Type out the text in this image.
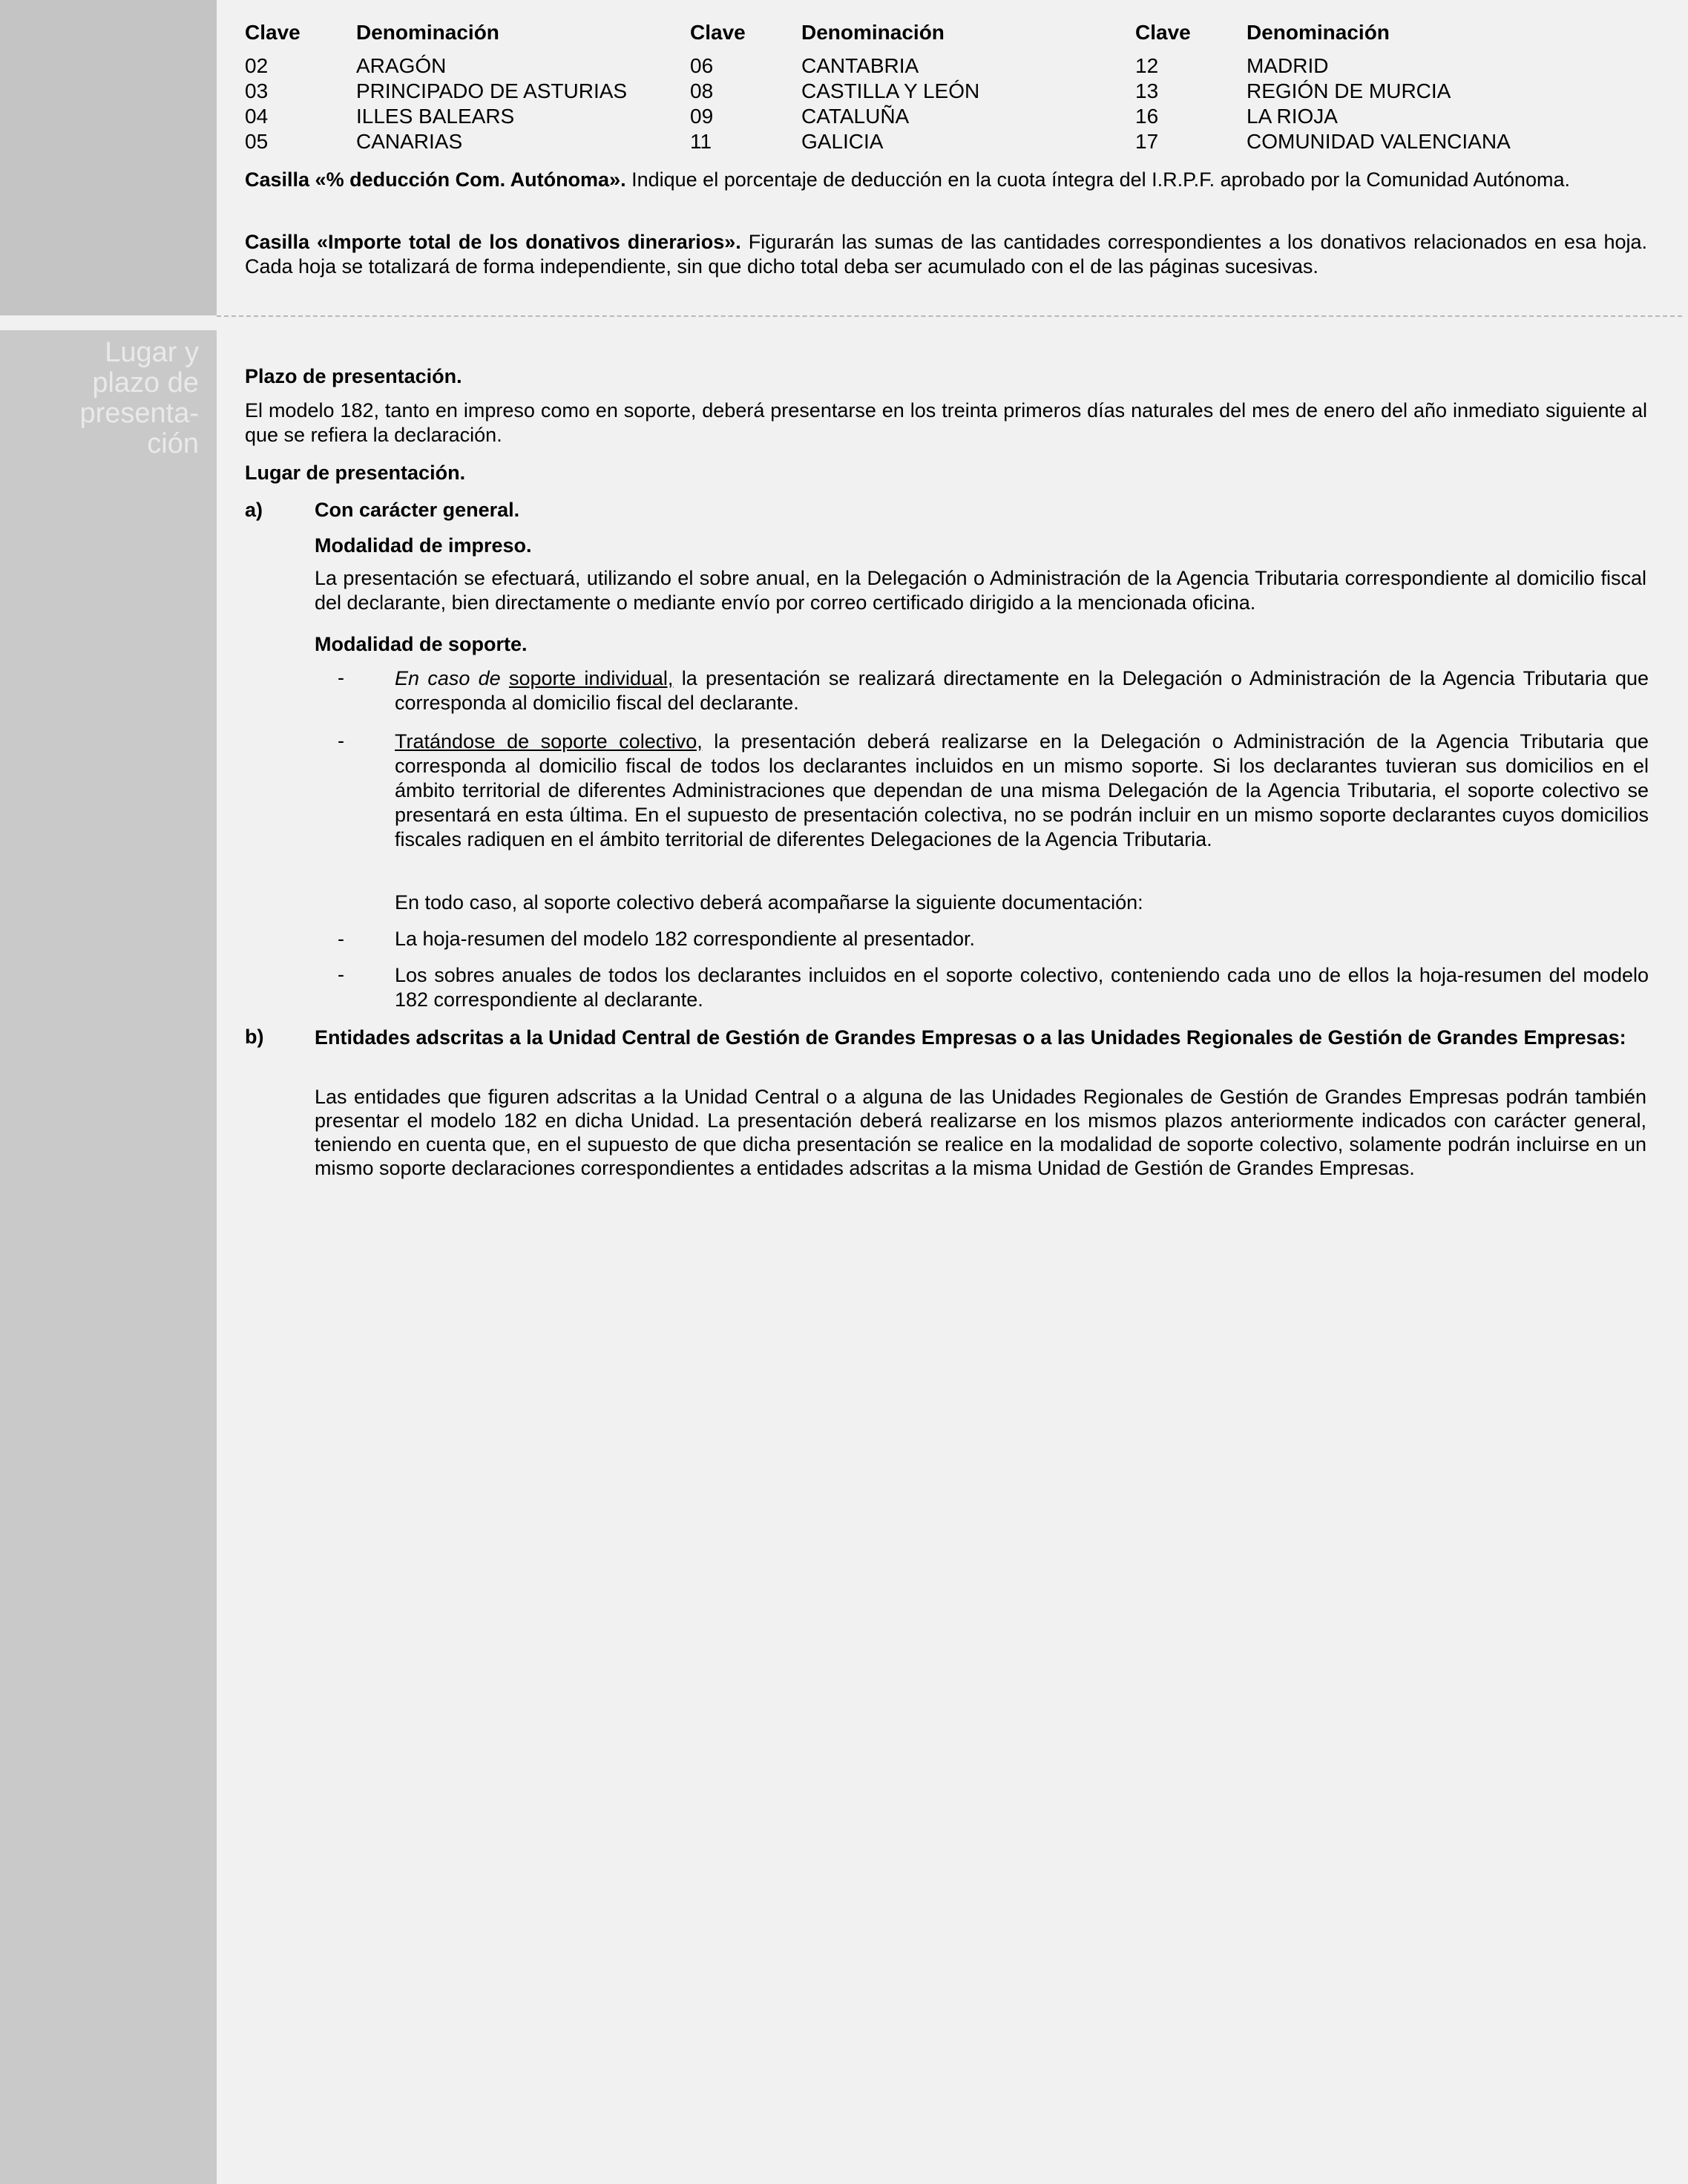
Lugar y
plazo de
presenta-
ción
Clave	Denominación	Clave	Denominación	Clave	Denominación
02	ARAGÓN	06	CANTABRIA	12	MADRID
03	PRINCIPADO DE ASTURIAS	08	CASTILLA Y LEÓN	13	REGIÓN DE MURCIA
04	ILLES BALEARS	09	CATALUÑA	16	LA RIOJA
05	CANARIAS	11	GALICIA	17	COMUNIDAD VALENCIANA

Casilla «% deducción Com. Autónoma». Indique el porcentaje de deducción en la cuota íntegra del I.R.P.F. aprobado por la Comunidad Autónoma.

Casilla «Importe total de los donativos dinerarios». Figurarán las sumas de las cantidades correspondientes a los donativos relacionados en esa hoja. Cada hoja se totalizará de forma independiente, sin que dicho total deba ser acumulado con el de las páginas sucesivas.

Plazo de presentación.

El modelo 182, tanto en impreso como en soporte, deberá presentarse en los treinta primeros días naturales del mes de enero del año inmediato siguiente al que se refiera la declaración.

Lugar de presentación.

a)	Con carácter general.

Modalidad de impreso.

La presentación se efectuará, utilizando el sobre anual, en la Delegación o Administración de la Agencia Tributaria correspondiente al domicilio fiscal del declarante, bien directamente o mediante envío por correo certificado dirigido a la mencionada oficina.

Modalidad de soporte.

-	En caso de soporte individual, la presentación se realizará directamente en la Delegación o Administración de la Agencia Tributaria que corresponda al domicilio fiscal del declarante.

-	Tratándose de soporte colectivo, la presentación deberá realizarse en la Delegación o Administración de la Agencia Tributaria que corresponda al domicilio fiscal de todos los declarantes incluidos en un mismo soporte. Si los declarantes tuvieran sus domicilios en el ámbito territorial de diferentes Administraciones que dependan de una misma Delegación de la Agencia Tributaria, el soporte colectivo se presentará en esta última. En el supuesto de presentación colectiva, no se podrán incluir en un mismo soporte declarantes cuyos domicilios fiscales radiquen en el ámbito territorial de diferentes Delegaciones de la Agencia Tributaria.

En todo caso, al soporte colectivo deberá acompañarse la siguiente documentación:

-	La hoja-resumen del modelo 182 correspondiente al presentador.

-	Los sobres anuales de todos los declarantes incluidos en el soporte colectivo, conteniendo cada uno de ellos la hoja-resumen del modelo 182 correspondiente al declarante.

b)	Entidades adscritas a la Unidad Central de Gestión de Grandes Empresas o a las Unidades Regionales de Gestión de Grandes Empresas:

Las entidades que figuren adscritas a la Unidad Central o a alguna de las Unidades Regionales de Gestión de Grandes Empresas podrán también presentar el modelo 182 en dicha Unidad. La presentación deberá realizarse en los mismos plazos anteriormente indicados con carácter general, teniendo en cuenta que, en el supuesto de que dicha presentación se realice en la modalidad de soporte colectivo, solamente podrán incluirse en un mismo soporte declaraciones correspondientes a entidades adscritas a la misma Unidad de Gestión de Grandes Empresas.
